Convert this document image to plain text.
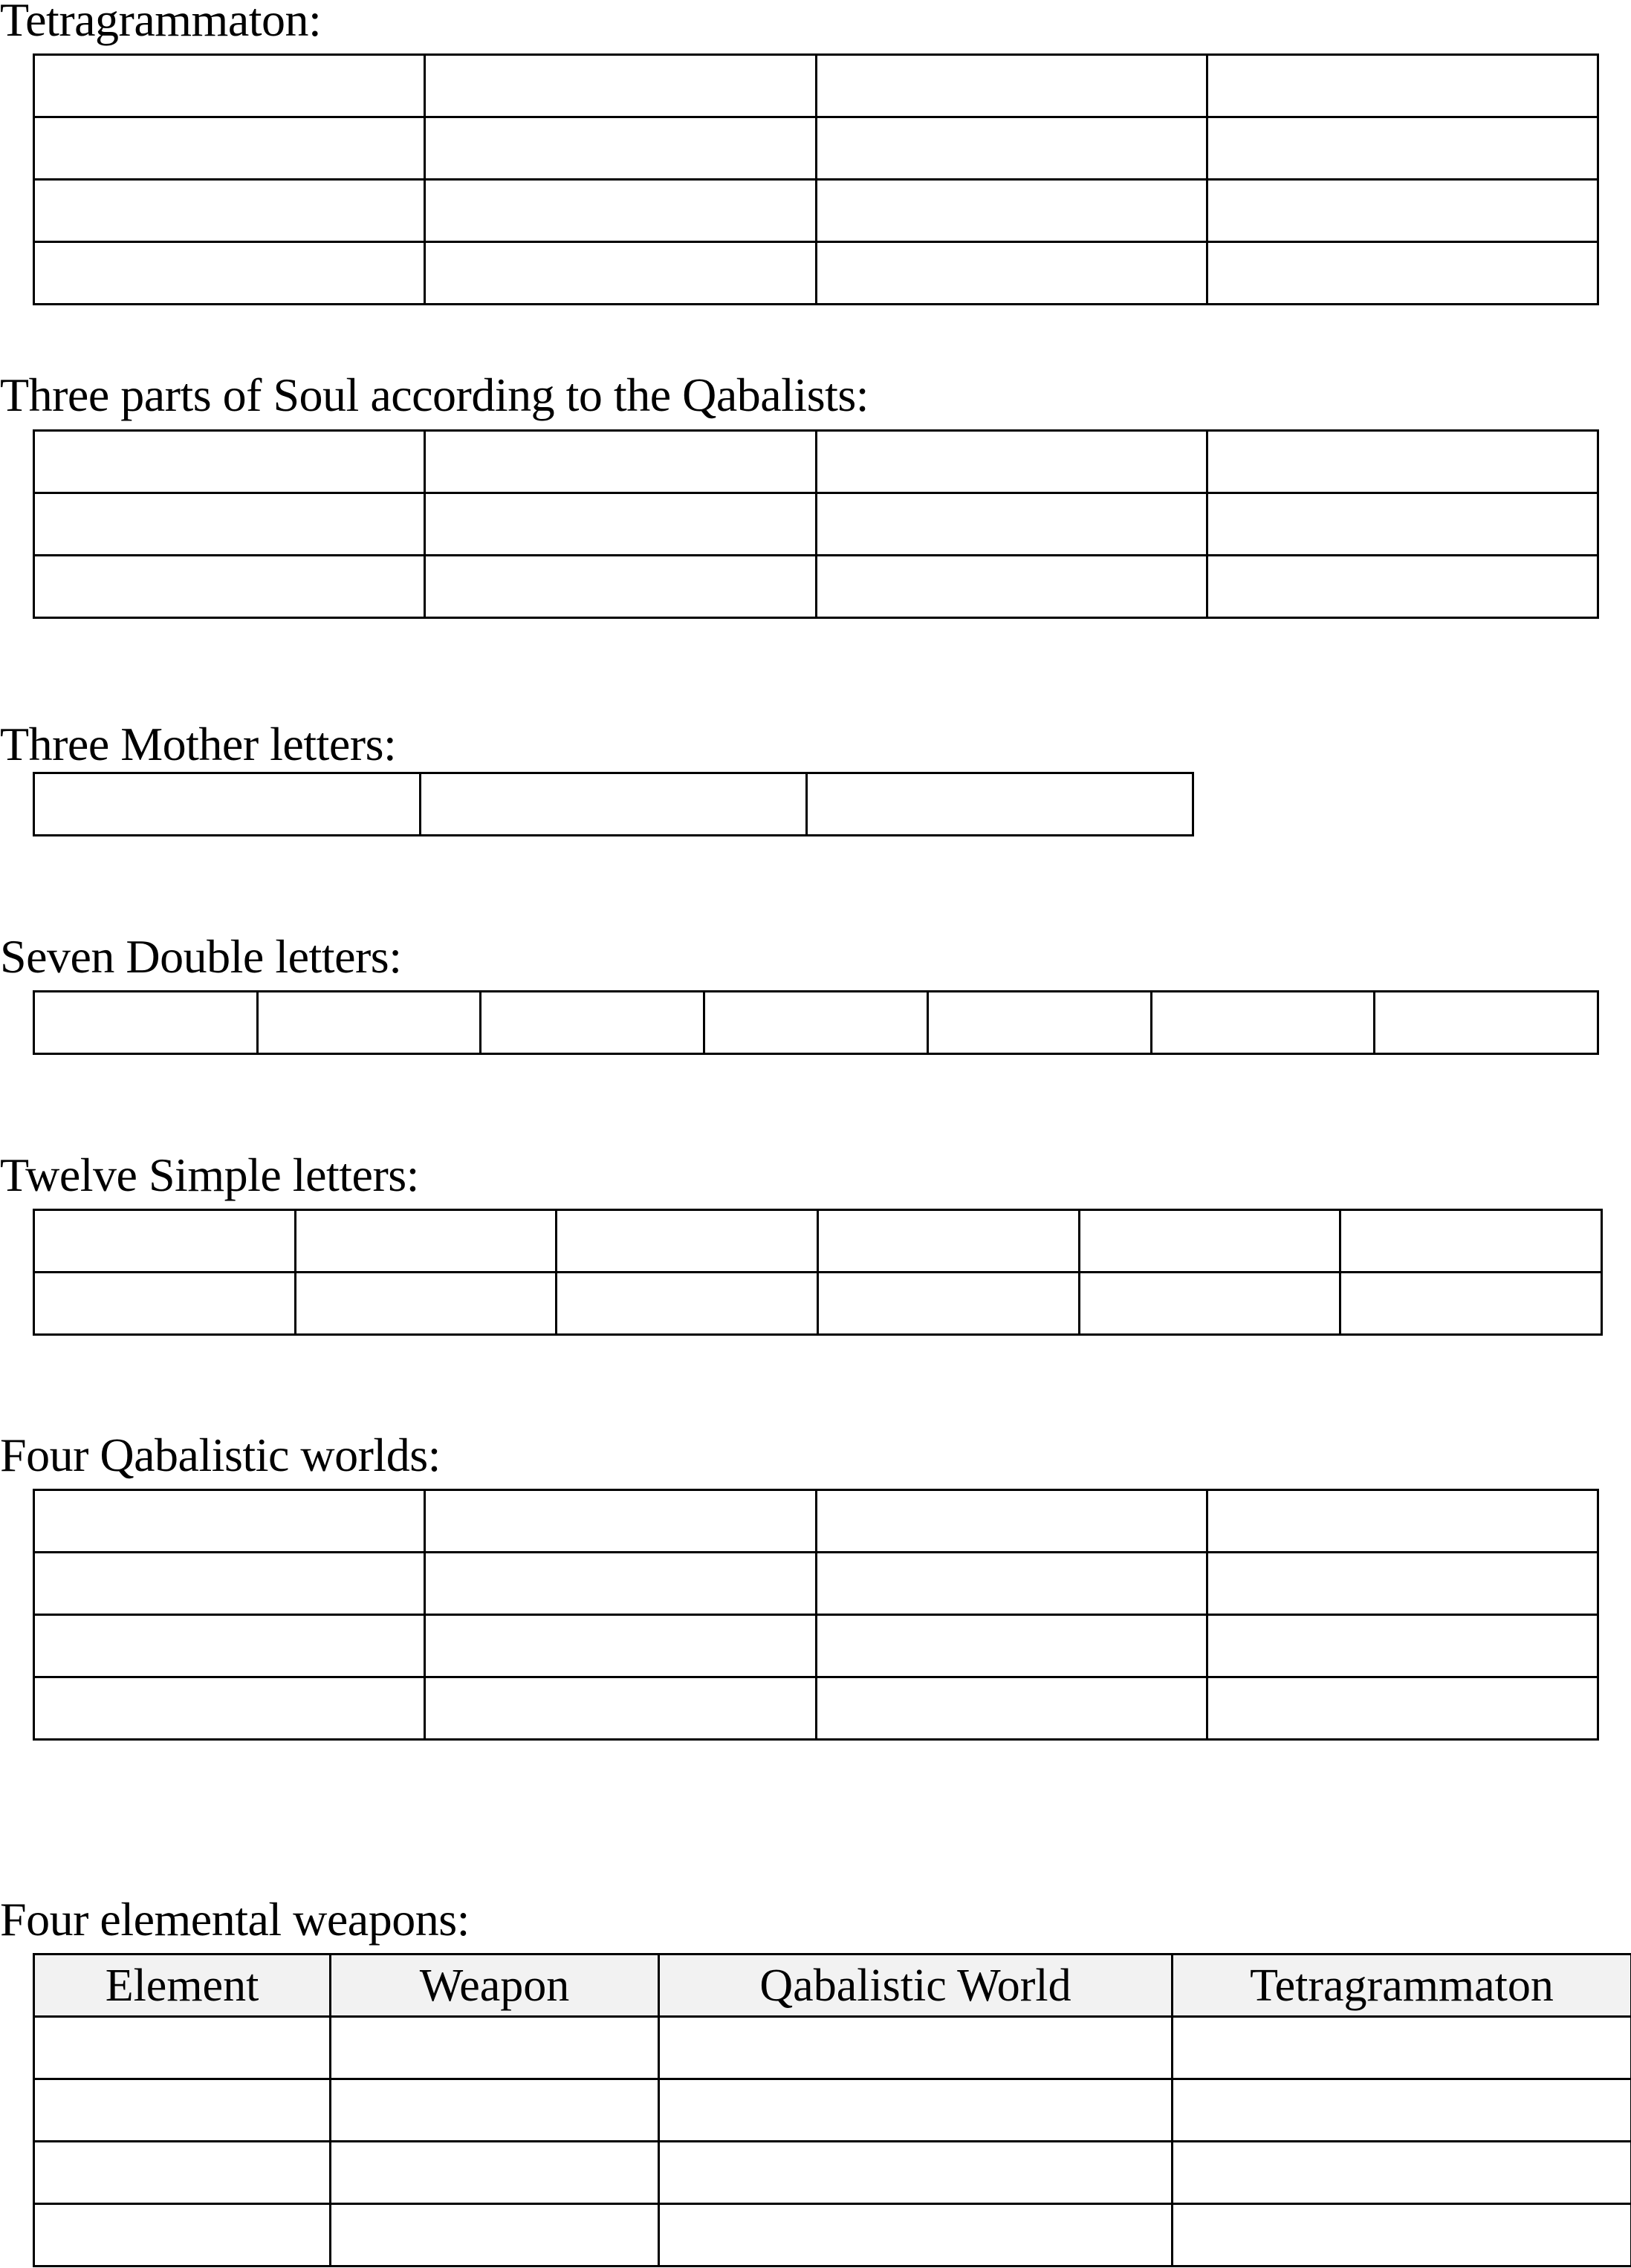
Tetragrammaton:

Three parts of Soul according to the Qabalists:

Three Mother letters:

Seven Double letters:

Twelve Simple letters:

Four Qabalistic worlds:

Four elemental weapons:
Element	Weapon	Qabalistic World	Tetragrammaton
